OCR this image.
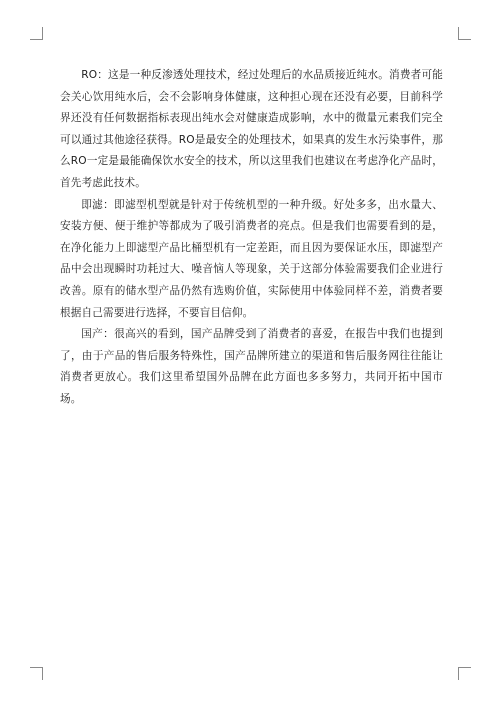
RO：这是一种反渗透处理技术，经过处理后的水品质接近纯水。消费者可能会关心饮用纯水后，会不会影响身体健康，这种担心现在还没有必要，目前科学界还没有任何数据指标表现出纯水会对健康造成影响，水中的微量元素我们完全可以通过其他途径获得。RO是最安全的处理技术，如果真的发生水污染事件，那么RO一定是最能确保饮水安全的技术，所以这里我们也建议在考虑净化产品时，首先考虑此技术。

即滤：即滤型机型就是针对于传统机型的一种升级。好处多多，出水量大、安装方便、便于维护等都成为了吸引消费者的亮点。但是我们也需要看到的是，在净化能力上即滤型产品比桶型机有一定差距，而且因为要保证水压，即滤型产品中会出现瞬时功耗过大、噪音恼人等现象，关于这部分体验需要我们企业进行改善。原有的储水型产品仍然有选购价值，实际使用中体验同样不差，消费者要根据自己需要进行选择，不要盲目信仰。

国产：很高兴的看到，国产品牌受到了消费者的喜爱，在报告中我们也提到了，由于产品的售后服务特殊性，国产品牌所建立的渠道和售后服务网往往能让消费者更放心。我们这里希望国外品牌在此方面也多多努力，共同开拓中国市场。
